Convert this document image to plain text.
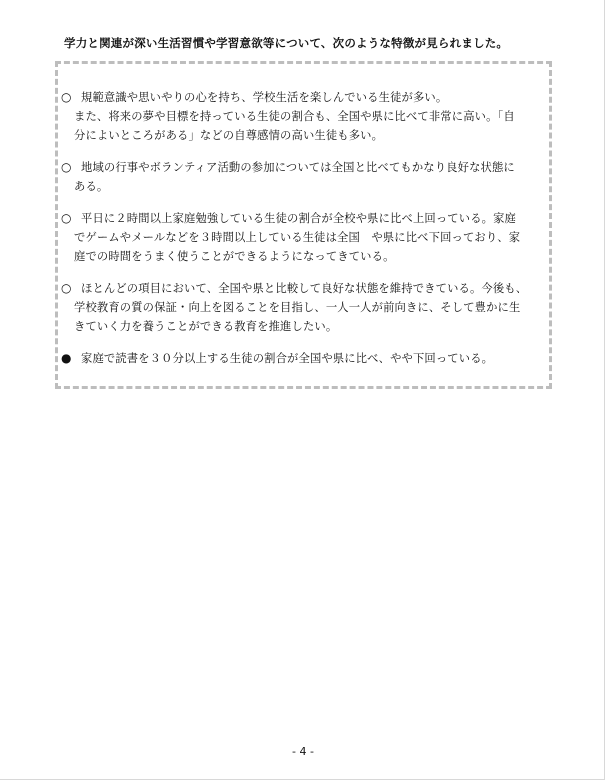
学力と関連が深い生活習慣や学習意欲等について、次のような特徴が見られました。
○ 規範意識や思いやりの心を持ち、学校生活を楽しんでいる生徒が多い。
また、将来の夢や目標を持っている生徒の割合も、全国や県に比べて非常に高い。「自
分によいところがある」などの自尊感情の高い生徒も多い。
○ 地域の行事やボランティア活動の参加については全国と比べてもかなり良好な状態に
ある。
○ 平日に２時間以上家庭勉強している生徒の割合が全校や県に比べ上回っている。家庭
でゲームやメールなどを３時間以上している生徒は全国　や県に比べ下回っており、家
庭での時間をうまく使うことができるようになってきている。
○ ほとんどの項目において、全国や県と比較して良好な状態を維持できている。今後も、
学校教育の質の保証・向上を図ることを目指し、一人一人が前向きに、そして豊かに生
きていく力を養うことができる教育を推進したい。
● 家庭で読書を３０分以上する生徒の割合が全国や県に比べ、やや下回っている。
- 4 -
